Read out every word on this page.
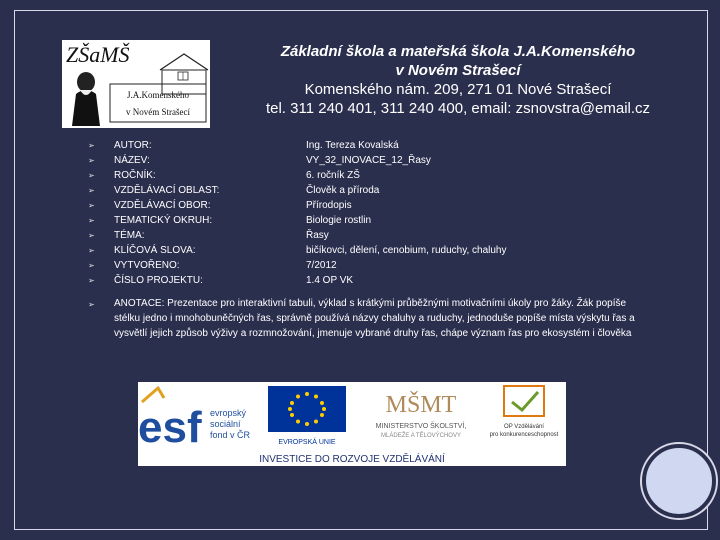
ZŠaMŠ
J.A.Komenského
v Novém Strašecí
Základní škola a mateřská škola J.A.Komenského
v Novém Strašecí
Komenského nám. 209, 271 01 Nové Strašecí
tel. 311 240 401, 311 240 400, email: zsnovstra@email.cz
➢ AUTOR:	Ing. Tereza Kovalská
➢ NÁZEV:	VY_32_INOVACE_12_Řasy
➢ ROČNÍK:	6. ročník ZŠ
➢ VZDĚLÁVACÍ OBLAST:	Člověk a příroda
➢ VZDĚLÁVACÍ OBOR:	Přírodopis
➢ TEMATICKÝ OKRUH:	Biologie rostlin
➢ TÉMA:	Řasy
➢ KLÍČOVÁ SLOVA:	bičíkovci, dělení, cenobium, ruduchy, chaluhy
➢ VYTVOŘENO:	7/2012
➢ ČÍSLO PROJEKTU:	1.4 OP VK
➢ ANOTACE: Prezentace pro interaktivní tabuli, výklad s krátkými průběžnými motivačními úkoly pro žáky. Žák popíše stélku jedno i mnohobuněčných řas, správně používá názvy chaluhy a ruduchy, jednoduše popíše místa výskytu řas a vysvětlí jejich způsob výživy a rozmnožování, jmenuje vybrané druhy řas, chápe význam řas pro ekosystém i člověka
esf evropský
sociální
fond v ČR
EVROPSKÁ UNIE
MŠMT
MINISTERSTVO ŠKOLSTVÍ,
MLÁDEŽE A TĚLOVÝCHOVY
OP Vzdělávání
pro konkurenceschopnost
INVESTICE DO ROZVOJE VZDĚLÁVÁNÍ
